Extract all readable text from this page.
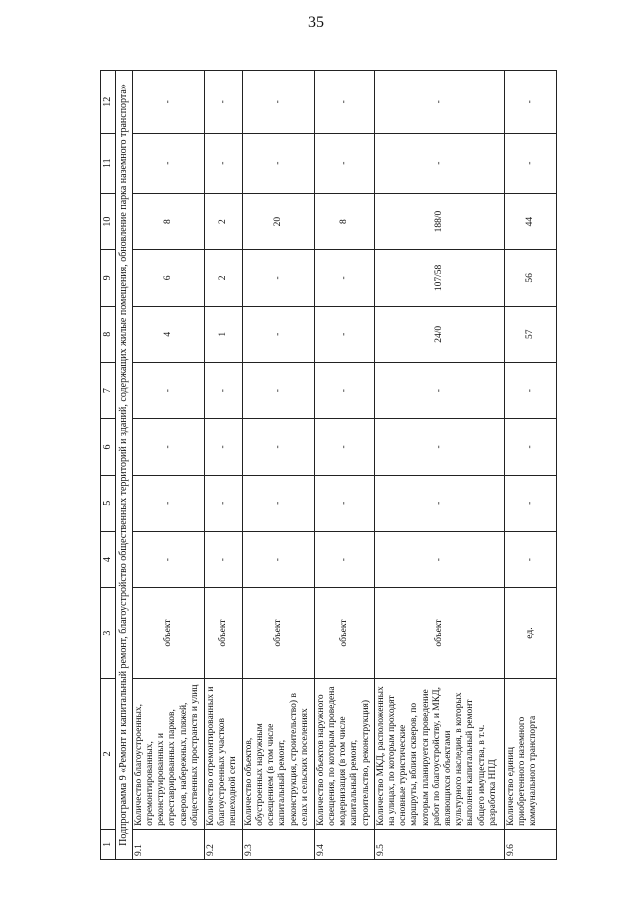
35
1	2	3	4	5	6	7	8	9	10	11	12
Подпрограмма 9 «Ремонт и капитальный ремонт, благоустройство общественных территорий и зданий, содержащих жилые помещения, обновление парка наземного транспорта»											
9.1	Количество благоустроенных, отремонтированных, реконструированных и отреставрированных парков, скверов, набережных, пляжей, общественных пространств и улиц	объект	-	-	-	-	4	6	8	-	-
9.2	Количество отремонтированных и благоустроенных участков пешеходной сети	объект	-	-	-	-	1	2	2	-	-
9.3	Количество объектов, обустроенных наружным освещением (в том числе капитальный ремонт, реконструкция, строительство) в селах и сельских поселениях	объект	-	-	-	-	-	-	20	-	-
9.4	Количество объектов наружного освещения, по которым проведена модернизация (в том числе капитальный ремонт, строительство, реконструкция)	объект	-	-	-	-	-	-	8	-	-
9.5	Количество МКД, расположенных на улицах, по которым проходят основные туристические маршруты, вблизи скверов, по которым планируется проведение работ по благоустройству, и МКД, являющихся объектами культурного наследия, в которых выполнен капитальный ремонт общего имущества, в т.ч. разработка НПД	объект	-	-	-	-	24/0	107/58	188/0	-	-
9.6	Количество единиц приобретенного наземного коммунального транспорта	ед.	-	-	-	-	57	56	44	-	-
